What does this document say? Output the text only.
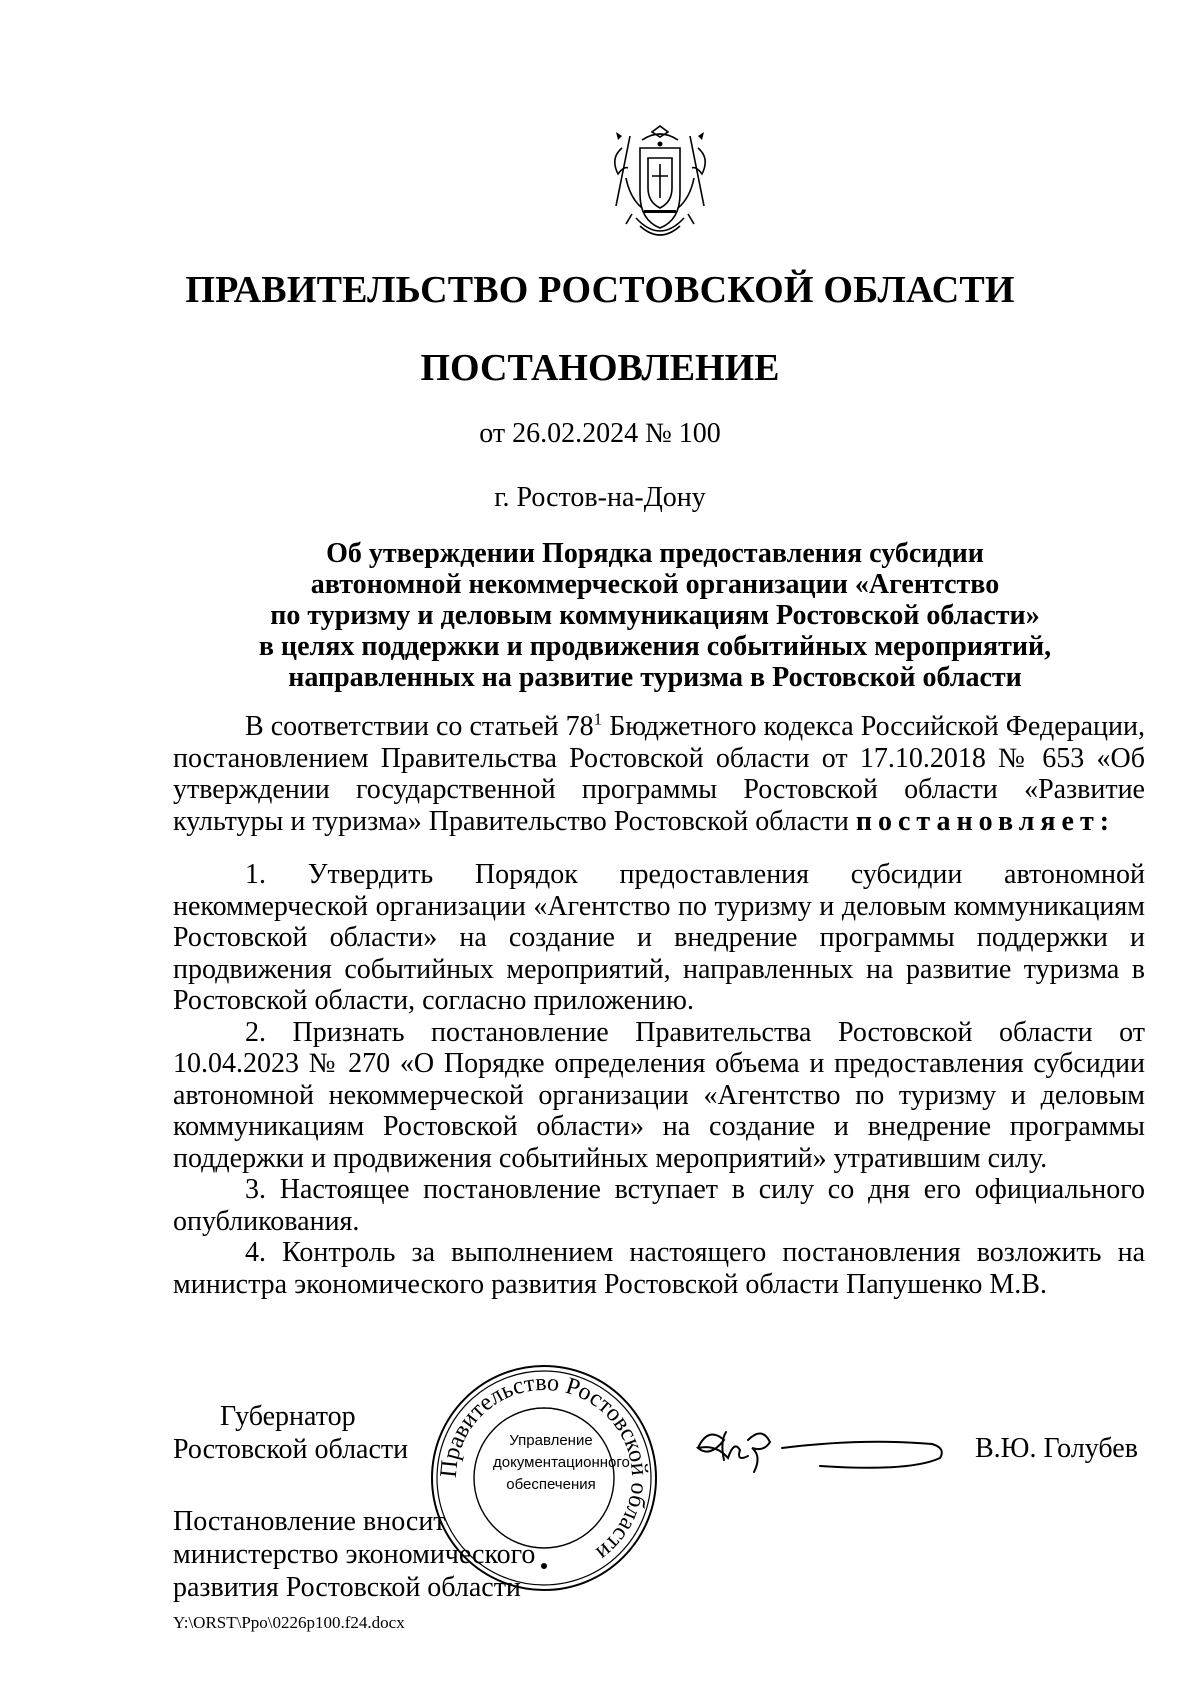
ПРАВИТЕЛЬСТВО РОСТОВСКОЙ ОБЛАСТИ
ПОСТАНОВЛЕНИЕ
от 26.02.2024 № 100
г. Ростов-на-Дону
Об утверждении Порядка предоставления субсидии
автономной некоммерческой организации «Агентство
по туризму и деловым коммуникациям Ростовской области»
в целях поддержки и продвижения событийных мероприятий,
направленных на развитие туризма в Ростовской области

В соответствии со статьей $78^1$ Бюджетного кодекса Российской Федерации, постановлением Правительства Ростовской области от 17.10.2018 № 653 «Об утверждении государственной программы Ростовской области «Развитие культуры и туризма» Правительство Ростовской области постановляет:

1. Утвердить Порядок предоставления субсидии автономной некоммерческой организации «Агентство по туризму и деловым коммуникациям Ростовской области» на создание и внедрение программы поддержки и продвижения событийных мероприятий, направленных на развитие туризма в Ростовской области, согласно приложению.

2. Признать постановление Правительства Ростовской области от 10.04.2023 № 270 «О Порядке определения объема и предоставления субсидии автономной некоммерческой организации «Агентство по туризму и деловым коммуникациям Ростовской области» на создание и внедрение программы поддержки и продвижения событийных мероприятий» утратившим силу.

3. Настоящее постановление вступает в силу со дня его официального опубликования.

4. Контроль за выполнением настоящего постановления возложить на министра экономического развития Ростовской области Папушенко М.В.

Губернатор
Ростовской области
Правительство Ростовской области
Управление
документационного
обеспечения
В.Ю. Голубев
Постановление вносит
министерство экономического
развития Ростовской области
Y:\ORST\Ppo\0226p100.f24.docx
